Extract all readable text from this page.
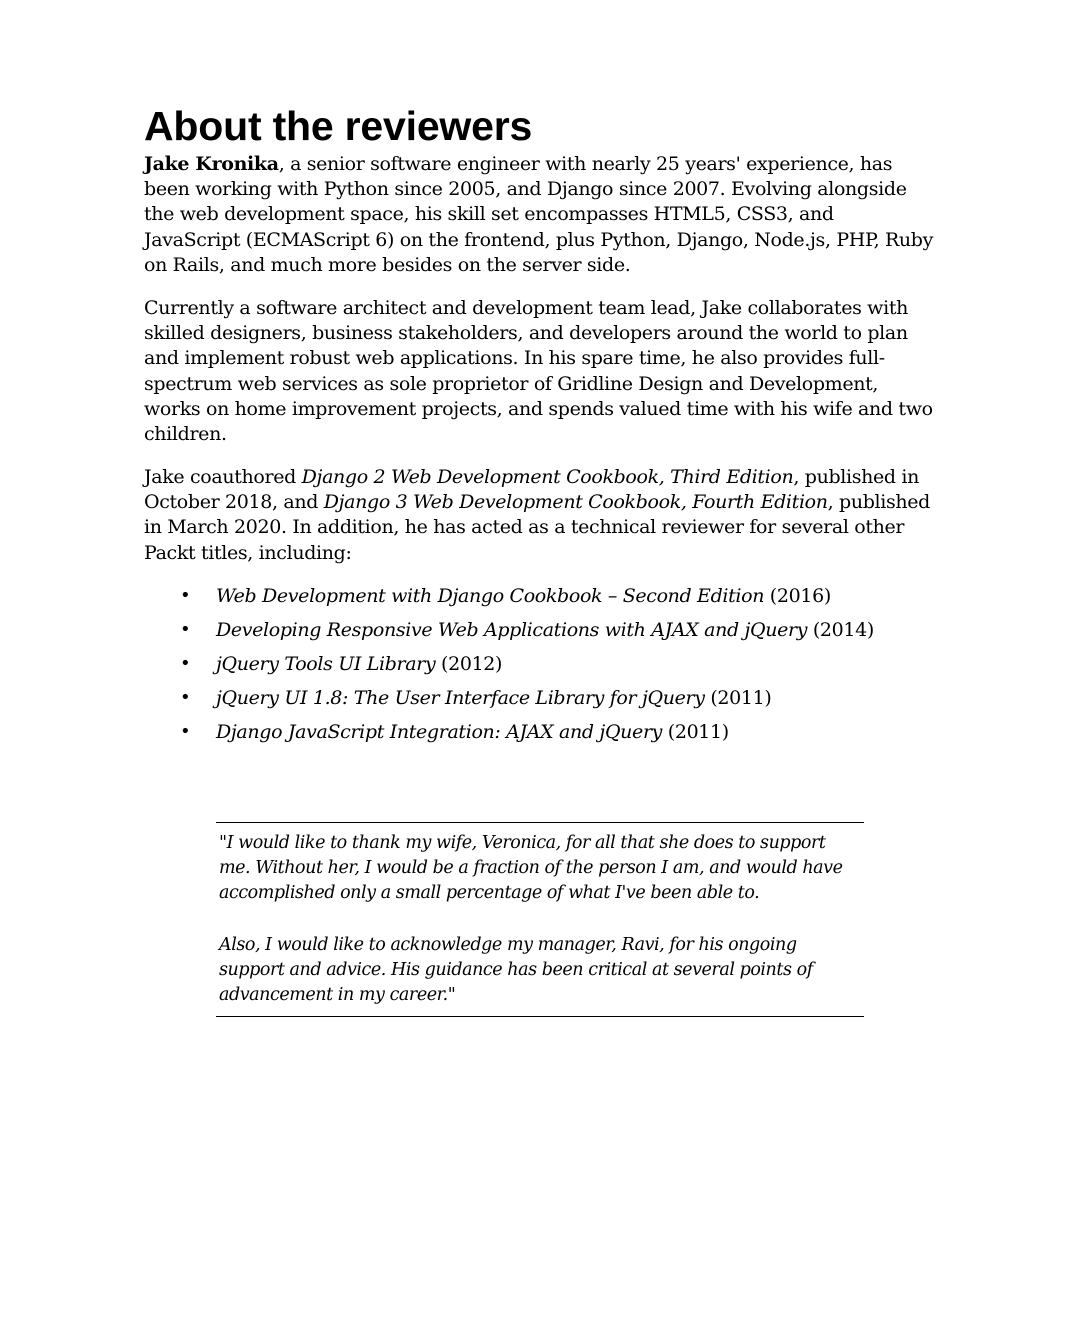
About the reviewers

Jake Kronika, a senior software engineer with nearly 25 years' experience, has been working with Python since 2005, and Django since 2007. Evolving alongside the web development space, his skill set encompasses HTML5, CSS3, and JavaScript (ECMAScript 6) on the frontend, plus Python, Django, Node.js, PHP, Ruby on Rails, and much more besides on the server side.

Currently a software architect and development team lead, Jake collaborates with skilled designers, business stakeholders, and developers around the world to plan and implement robust web applications. In his spare time, he also provides full-spectrum web services as sole proprietor of Gridline Design and Development, works on home improvement projects, and spends valued time with his wife and two children.

Jake coauthored Django 2 Web Development Cookbook, Third Edition, published in October 2018, and Django 3 Web Development Cookbook, Fourth Edition, published in March 2020. In addition, he has acted as a technical reviewer for several other Packt titles, including:

• Web Development with Django Cookbook – Second Edition (2016)
• Developing Responsive Web Applications with AJAX and jQuery (2014)
• jQuery Tools UI Library (2012)
• jQuery UI 1.8: The User Interface Library for jQuery (2011)
• Django JavaScript Integration: AJAX and jQuery (2011)

"I would like to thank my wife, Veronica, for all that she does to support me. Without her, I would be a fraction of the person I am, and would have accomplished only a small percentage of what I've been able to.

Also, I would like to acknowledge my manager, Ravi, for his ongoing support and advice. His guidance has been critical at several points of advancement in my career."
